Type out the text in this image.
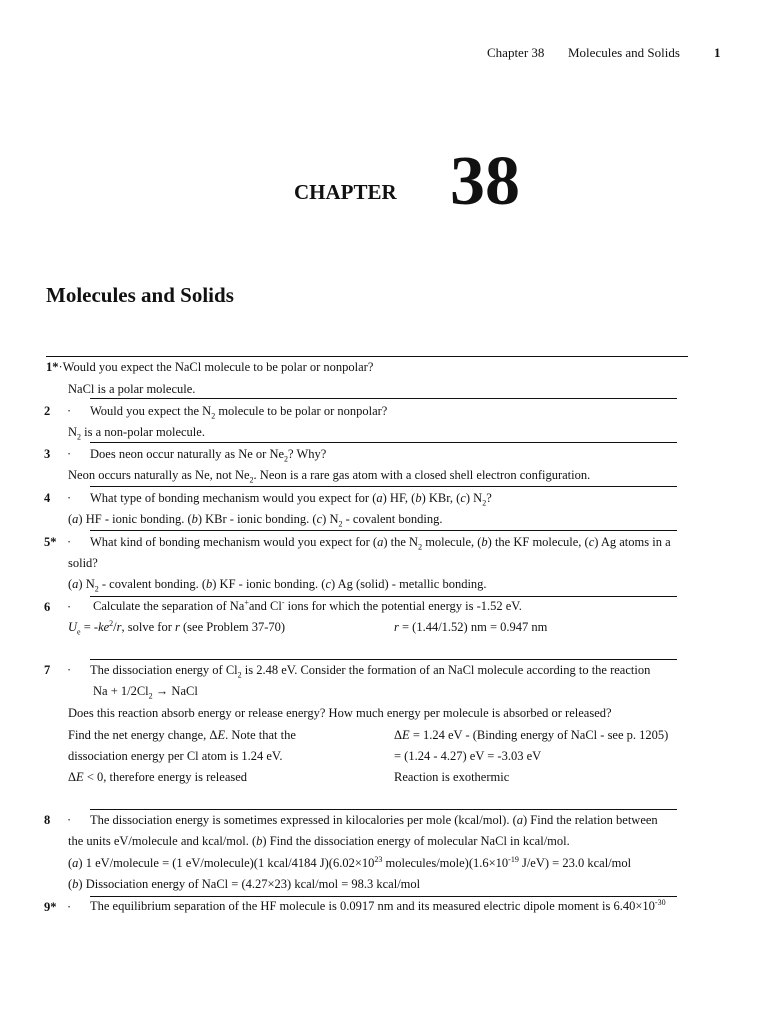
Chapter 38 Molecules and Solids	1
CHAPTER 38
Molecules and Solids
1*·Would you expect the NaCl molecule to be polar or nonpolar?
NaCl is a polar molecule.
2 · Would you expect the $N_2$ molecule to be polar or nonpolar?
$N_2$ is a non-polar molecule.
3 · Does neon occur naturally as Ne or $Ne_2$? Why?
Neon occurs naturally as Ne, not $Ne_2$. Neon is a rare gas atom with a closed shell electron configuration.
4 · What type of bonding mechanism would you expect for (a) HF, (b) KBr, (c) $N_2$?
(a) HF - ionic bonding. (b) KBr - ionic bonding. (c) $N_2$ - covalent bonding.
5* · What kind of bonding mechanism would you expect for (a) the $N_2$ molecule, (b) the KF molecule, (c) Ag atoms in a
solid?
(a) $N_2$ - covalent bonding. (b) KF - ionic bonding. (c) Ag (solid) - metallic bonding.
6 · Calculate the separation of Na+and Cl- ions for which the potential energy is -1.52 eV.
$U_e = -ke^2/r$, solve for r (see Problem 37-70)	r = (1.44/1.52) nm = 0.947 nm
7 · The dissociation energy of $Cl_2$ is 2.48 eV. Consider the formation of an NaCl molecule according to the reaction
$Na + 1/2Cl_2$ → NaCl
Does this reaction absorb energy or release energy? How much energy per molecule is absorbed or released?
Find the net energy change, ΔE. Note that the	ΔE = 1.24 eV - (Binding energy of NaCl - see p. 1205)
dissociation energy per Cl atom is 1.24 eV.	= (1.24 - 4.27) eV = -3.03 eV
ΔE < 0, therefore energy is released	Reaction is exothermic
8 · The dissociation energy is sometimes expressed in kilocalories per mole (kcal/mol). (a) Find the relation between
the units eV/molecule and kcal/mol. (b) Find the dissociation energy of molecular NaCl in kcal/mol.
(a) 1 eV/molecule = (1 eV/molecule)(1 kcal/4184 $J)(6.02\times 10^{23}$ molecules/$mole)(1.6\times 10^{-19}$ J/eV) = 23.0 kcal/mol
(b) Dissociation energy of NaCl = (4.27×23) kcal/mol = 98.3 kcal/mol
9* · The equilibrium separation of the HF molecule is 0.0917 nm and its measured electric dipole moment is $6.40\times 10^{-30}$
